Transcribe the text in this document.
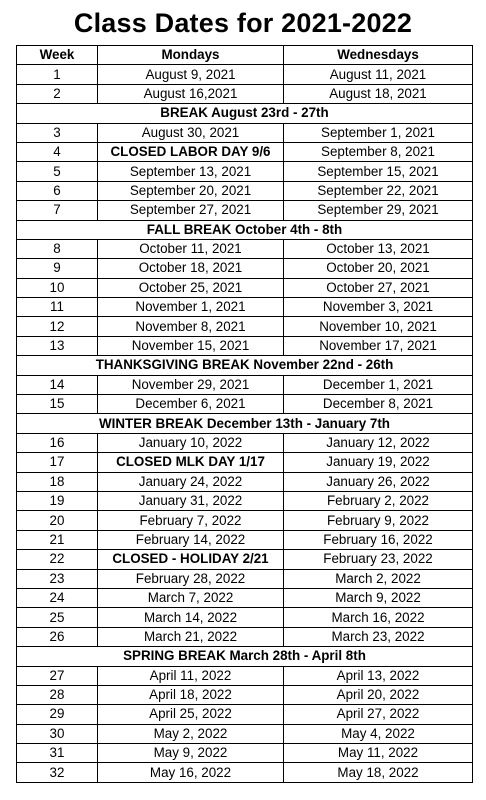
Class Dates for 2021-2022
Week	Mondays	Wednesdays
1	August 9, 2021	August 11, 2021
2	August 16,2021	August 18, 2021
BREAK August 23rd - 27th		
3	August 30, 2021	September 1, 2021
4	CLOSED LABOR DAY 9/6	September 8, 2021
5	September 13, 2021	September 15, 2021
6	September 20, 2021	September 22, 2021
7	September 27, 2021	September 29, 2021
FALL BREAK October 4th - 8th		
8	October 11, 2021	October 13, 2021
9	October 18, 2021	October 20, 2021
10	October 25, 2021	October 27, 2021
11	November 1, 2021	November 3, 2021
12	November 8, 2021	November 10, 2021
13	November 15, 2021	November 17, 2021
THANKSGIVING BREAK November 22nd - 26th		
14	November 29, 2021	December 1, 2021
15	December 6, 2021	December 8, 2021
WINTER BREAK December 13th - January 7th		
16	January 10, 2022	January 12, 2022
17	CLOSED MLK DAY 1/17	January 19, 2022
18	January 24, 2022	January 26, 2022
19	January 31, 2022	February 2, 2022
20	February 7, 2022	February 9, 2022
21	February 14, 2022	February 16, 2022
22	CLOSED - HOLIDAY 2/21	February 23, 2022
23	February 28, 2022	March 2, 2022
24	March 7, 2022	March 9, 2022
25	March 14, 2022	March 16, 2022
26	March 21, 2022	March 23, 2022
SPRING BREAK March 28th - April 8th		
27	April 11, 2022	April 13, 2022
28	April 18, 2022	April 20, 2022
29	April 25, 2022	April 27, 2022
30	May 2, 2022	May 4, 2022
31	May 9, 2022	May 11, 2022
32	May 16, 2022	May 18, 2022
